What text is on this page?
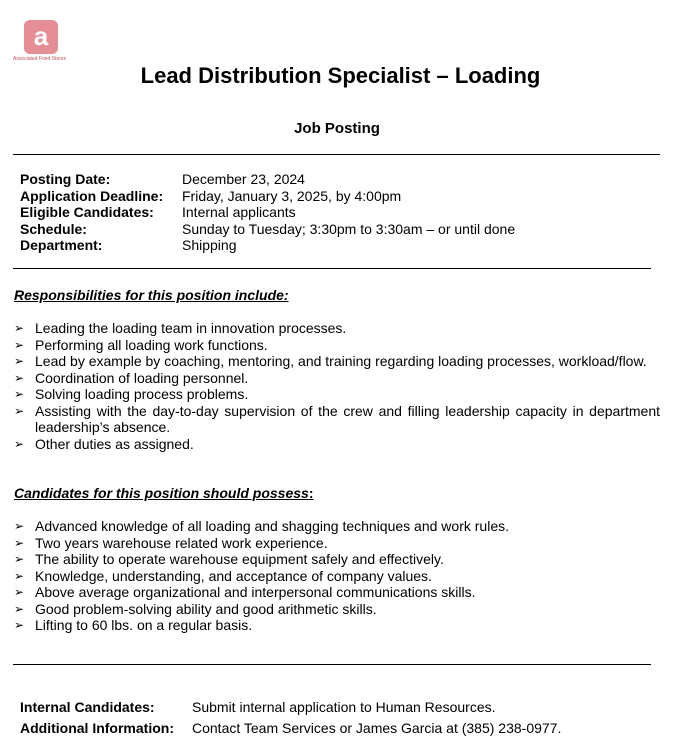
a
Associated Food Stores
Lead Distribution Specialist – Loading
Job Posting
Posting Date:	December 23, 2024
Application Deadline:	Friday, January 3, 2025, by 4:00pm
Eligible Candidates:	Internal applicants
Schedule:	Sunday to Tuesday; 3:30pm to 3:30am – or until done
Department:	Shipping
Responsibilities for this position include:
➢ Leading the loading team in innovation processes.
➢ Performing all loading work functions.
➢ Lead by example by coaching, mentoring, and training regarding loading processes, workload/flow.
➢ Coordination of loading personnel.
➢ Solving loading process problems.
➢ Assisting with the day-to-day supervision of the crew and filling leadership capacity in department leadership’s absence.
➢ Other duties as assigned.
Candidates for this position should possess:
➢ Advanced knowledge of all loading and shagging techniques and work rules.
➢ Two years warehouse related work experience.
➢ The ability to operate warehouse equipment safely and effectively.
➢ Knowledge, understanding, and acceptance of company values.
➢ Above average organizational and interpersonal communications skills.
➢ Good problem-solving ability and good arithmetic skills.
➢ Lifting to 60 lbs. on a regular basis.
Internal Candidates:	Submit internal application to Human Resources.
Additional Information:	Contact Team Services or James Garcia at (385) 238-0977.
